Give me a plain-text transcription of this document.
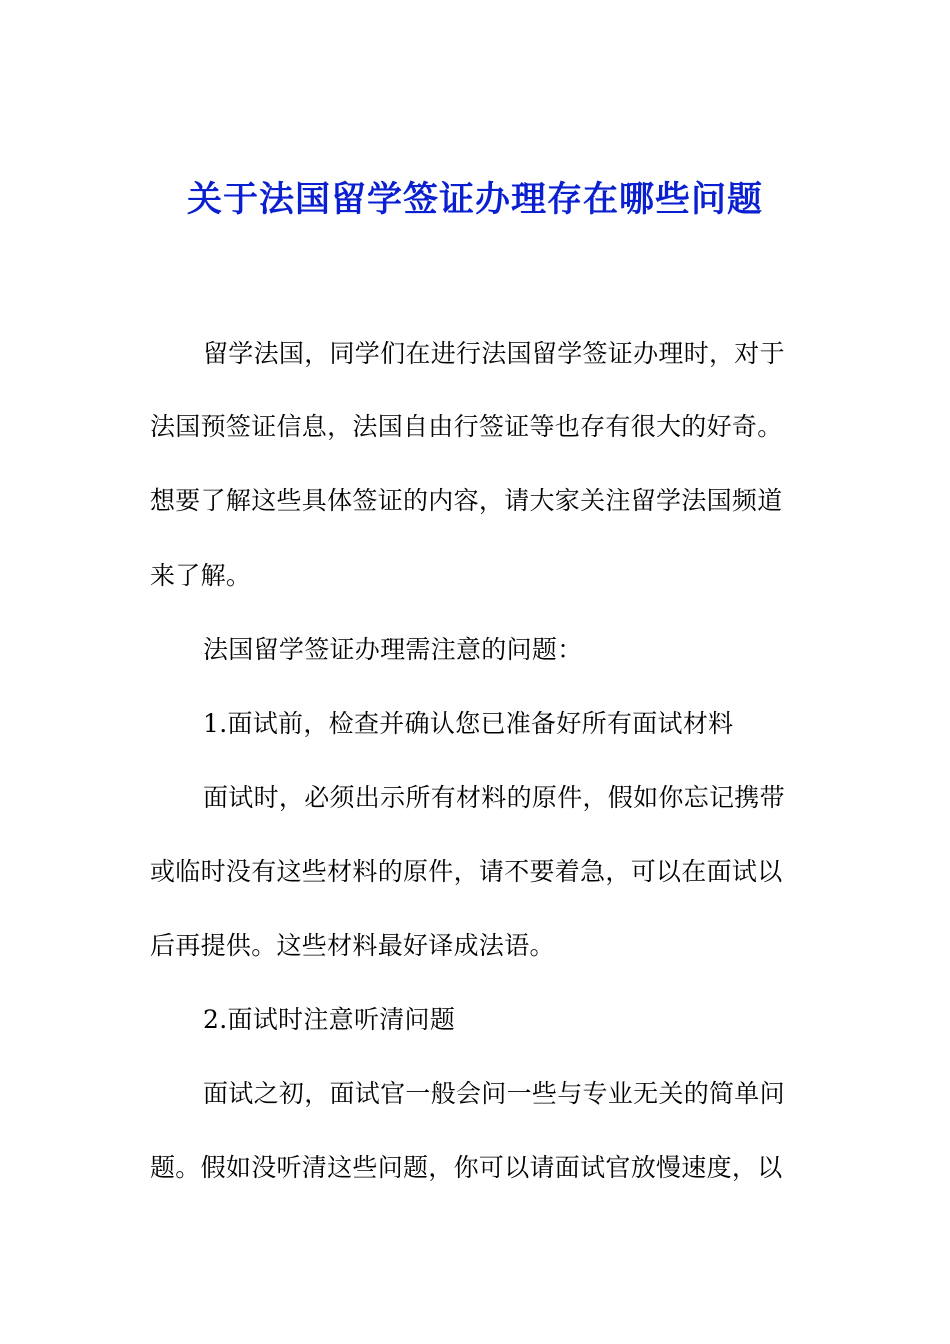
关于法国留学签证办理存在哪些问题
留学法国，同学们在进行法国留学签证办理时，对于
法国预签证信息，法国自由行签证等也存有很大的好奇。
想要了解这些具体签证的内容，请大家关注留学法国频道
来了解。
法国留学签证办理需注意的问题：
1.面试前，检查并确认您已准备好所有面试材料
面试时，必须出示所有材料的原件，假如你忘记携带
或临时没有这些材料的原件，请不要着急，可以在面试以
后再提供。这些材料最好译成法语。
2.面试时注意听清问题
面试之初，面试官一般会问一些与专业无关的简单问
题。假如没听清这些问题，你可以请面试官放慢速度，以
